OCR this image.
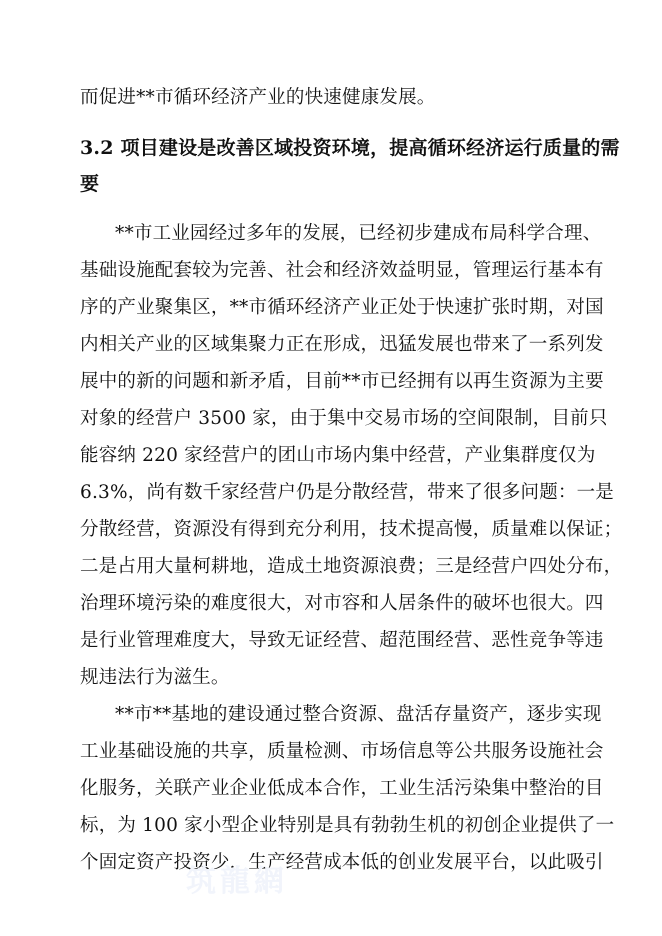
而促进**市循环经济产业的快速健康发展。
3.2 项目建设是改善区域投资环境，提高循环经济运行质量的需
要
**市工业园经过多年的发展，已经初步建成布局科学合理、
基础设施配套较为完善、社会和经济效益明显，管理运行基本有
序的产业聚集区，**市循环经济产业正处于快速扩张时期，对国
内相关产业的区域集聚力正在形成，迅猛发展也带来了一系列发
展中的新的问题和新矛盾，目前**市已经拥有以再生资源为主要
对象的经营户 3500 家，由于集中交易市场的空间限制，目前只
能容纳 220 家经营户的团山市场内集中经营，产业集群度仅为
6.3%，尚有数千家经营户仍是分散经营，带来了很多问题：一是
分散经营，资源没有得到充分利用，技术提高慢，质量难以保证；
二是占用大量柯耕地，造成土地资源浪费；三是经营户四处分布，
治理环境污染的难度很大，对市容和人居条件的破坏也很大。四
是行业管理难度大，导致无证经营、超范围经营、恶性竞争等违
规违法行为滋生。
**市**基地的建设通过整合资源、盘活存量资产，逐步实现
工业基础设施的共享，质量检测、市场信息等公共服务设施社会
化服务，关联产业企业低成本合作，工业生活污染集中整治的目
标，为 100 家小型企业特别是具有勃勃生机的初创企业提供了一
个固定资产投资少，生产经营成本低的创业发展平台，以此吸引
筑龍網
